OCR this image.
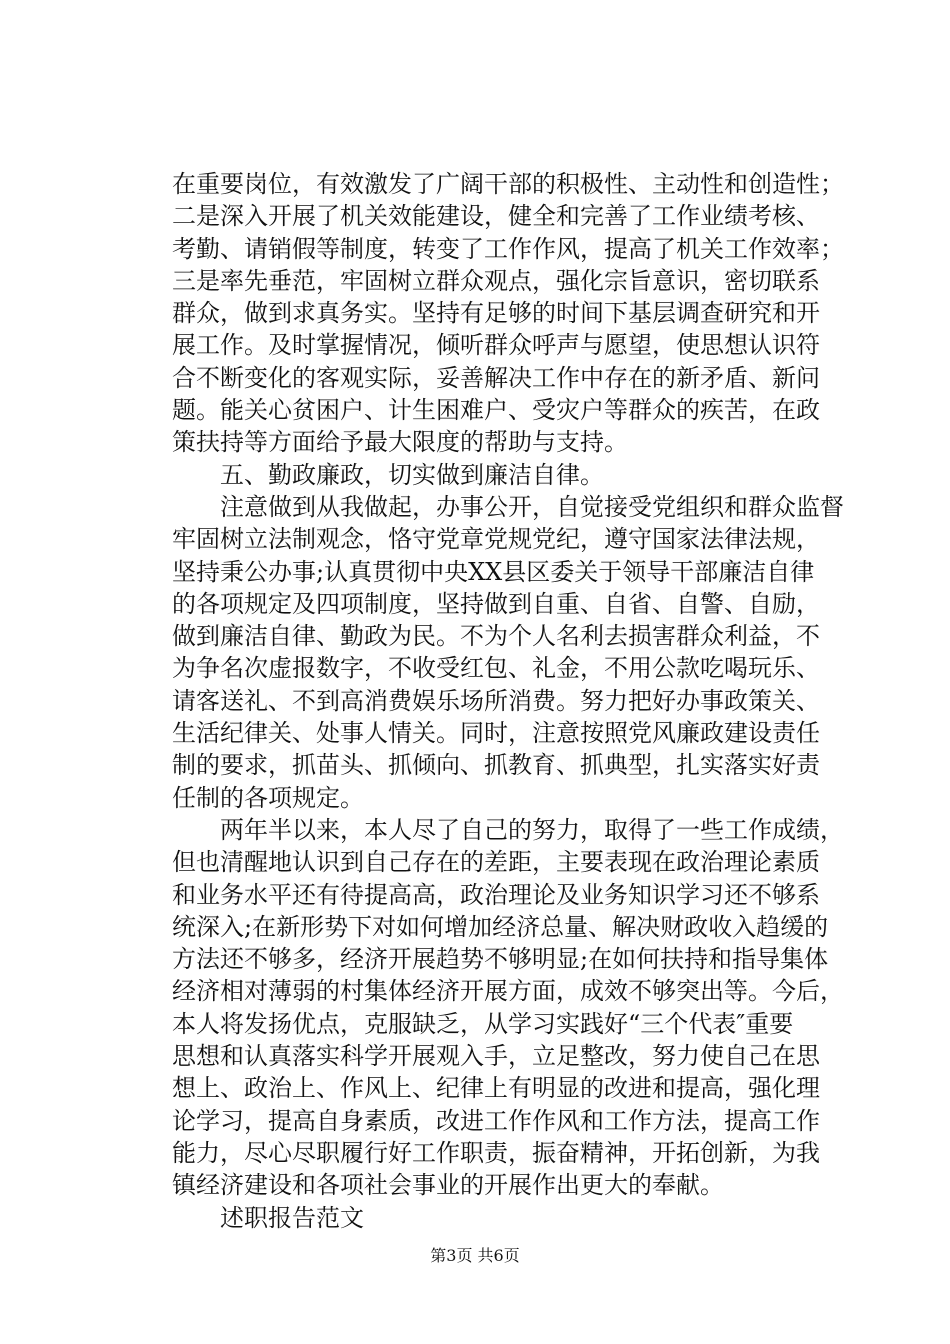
在重要岗位，有效激发了广阔干部的积极性、主动性和创造性；
二是深入开展了机关效能建设，健全和完善了工作业绩考核、
考勤、请销假等制度，转变了工作作风，提高了机关工作效率；
三是率先垂范，牢固树立群众观点，强化宗旨意识，密切联系
群众，做到求真务实。坚持有足够的时间下基层调查研究和开
展工作。及时掌握情况，倾听群众呼声与愿望，使思想认识符
合不断变化的客观实际，妥善解决工作中存在的新矛盾、新问
题。能关心贫困户、计生困难户、受灾户等群众的疾苦，在政
策扶持等方面给予最大限度的帮助与支持。
五、勤政廉政，切实做到廉洁自律。
注意做到从我做起，办事公开，自觉接受党组织和群众监督
牢固树立法制观念，恪守党章党规党纪，遵守国家法律法规，
坚持秉公办事;认真贯彻中央XX县区委关于领导干部廉洁自律
的各项规定及四项制度，坚持做到自重、自省、自警、自励，
做到廉洁自律、勤政为民。不为个人名利去损害群众利益，不
为争名次虚报数字，不收受红包、礼金，不用公款吃喝玩乐、
请客送礼、不到高消费娱乐场所消费。努力把好办事政策关、
生活纪律关、处事人情关。同时，注意按照党风廉政建设责任
制的要求，抓苗头、抓倾向、抓教育、抓典型，扎实落实好责
任制的各项规定。
两年半以来，本人尽了自己的努力，取得了一些工作成绩，
但也清醒地认识到自己存在的差距，主要表现在政治理论素质
和业务水平还有待提高高，政治理论及业务知识学习还不够系
统深入;在新形势下对如何增加经济总量、解决财政收入趋缓的
方法还不够多，经济开展趋势不够明显;在如何扶持和指导集体
经济相对薄弱的村集体经济开展方面，成效不够突出等。今后，
本人将发扬优点，克服缺乏，从学习实践好“三个代表″重要
思想和认真落实科学开展观入手，立足整改，努力使自己在思
想上、政治上、作风上、纪律上有明显的改进和提高，强化理
论学习，提高自身素质，改进工作作风和工作方法，提高工作
能力，尽心尽职履行好工作职责，振奋精神，开拓创新，为我
镇经济建设和各项社会事业的开展作出更大的奉献。
述职报告范文
第3页 共6页
